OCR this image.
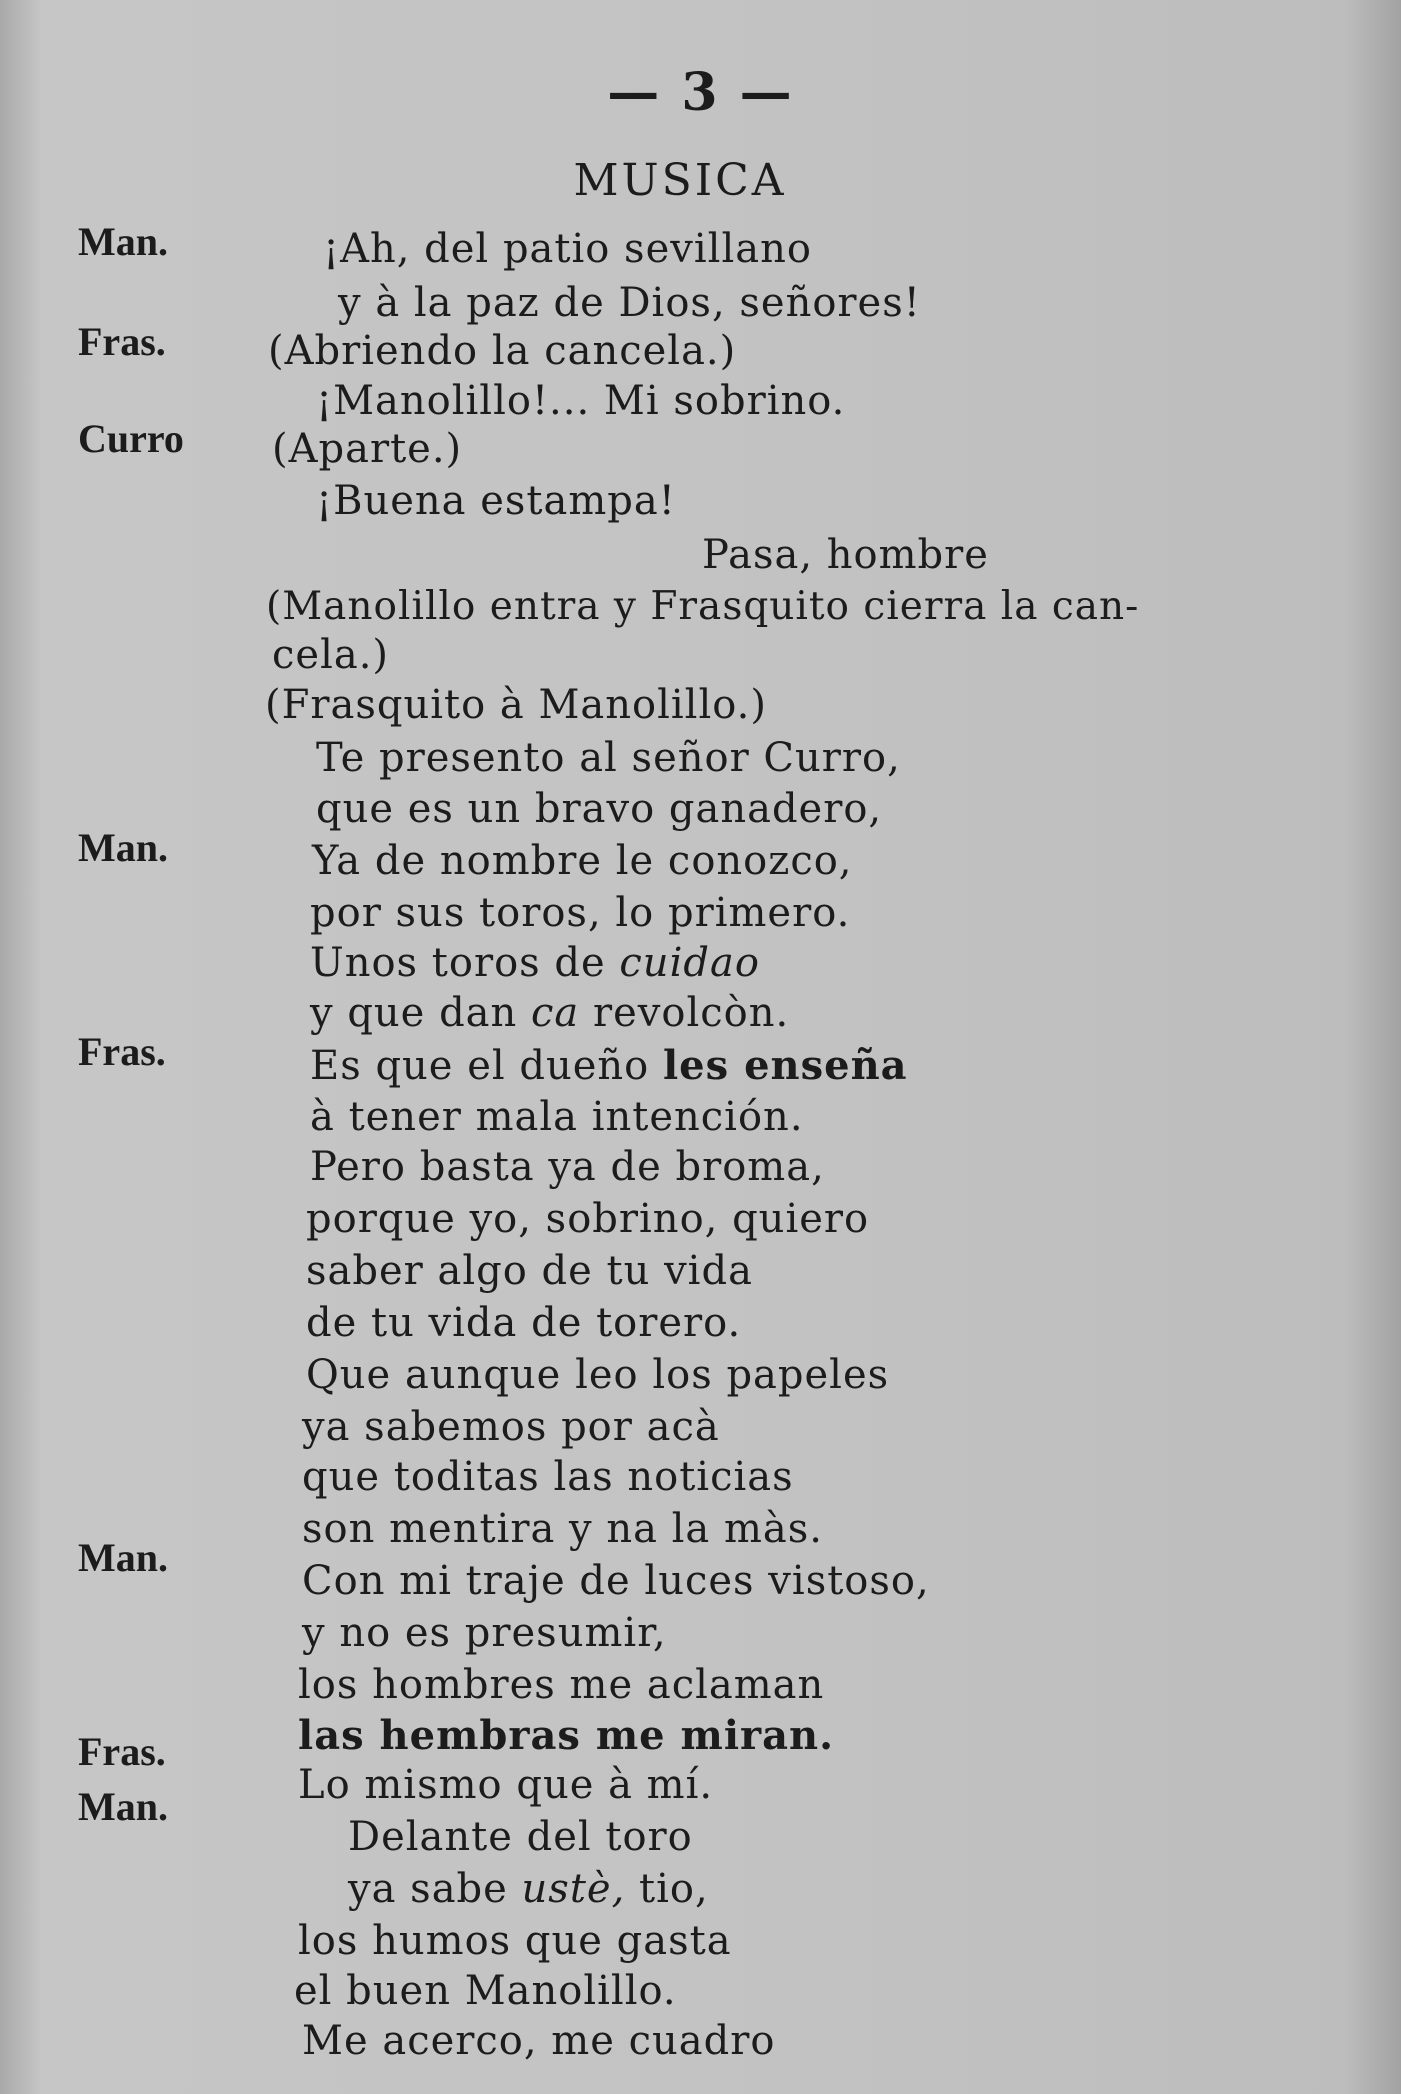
— 3 —
MUSICA
Man.
Fras.
Curro
Man.
Fras.
Man.
Fras.
Man.
¡Ah, del patio sevillano
y à la paz de Dios, señores!
(Abriendo la cancela.)
¡Manolillo!... Mi sobrino.
(Aparte.)
¡Buena estampa!
Pasa, hombre
(Manolillo entra y Frasquito cierra la can-
cela.)
(Frasquito à Manolillo.)
Te presento al señor Curro,
que es un bravo ganadero,
Ya de nombre le conozco,
por sus toros, lo primero.
Unos toros de cuidao
y que dan ca revolcòn.
Es que el dueño les enseña
à tener mala intención.
Pero basta ya de broma,
porque yo, sobrino, quiero
saber algo de tu vida
de tu vida de torero.
Que aunque leo los papeles
ya sabemos por acà
que toditas las noticias
son mentira y na la màs.
Con mi traje de luces vistoso,
y no es presumir,
los hombres me aclaman
las hembras me miran.
Lo mismo que à mí.
Delante del toro
ya sabe ustè, tio,
los humos que gasta
el buen Manolillo.
Me acerco, me cuadro
